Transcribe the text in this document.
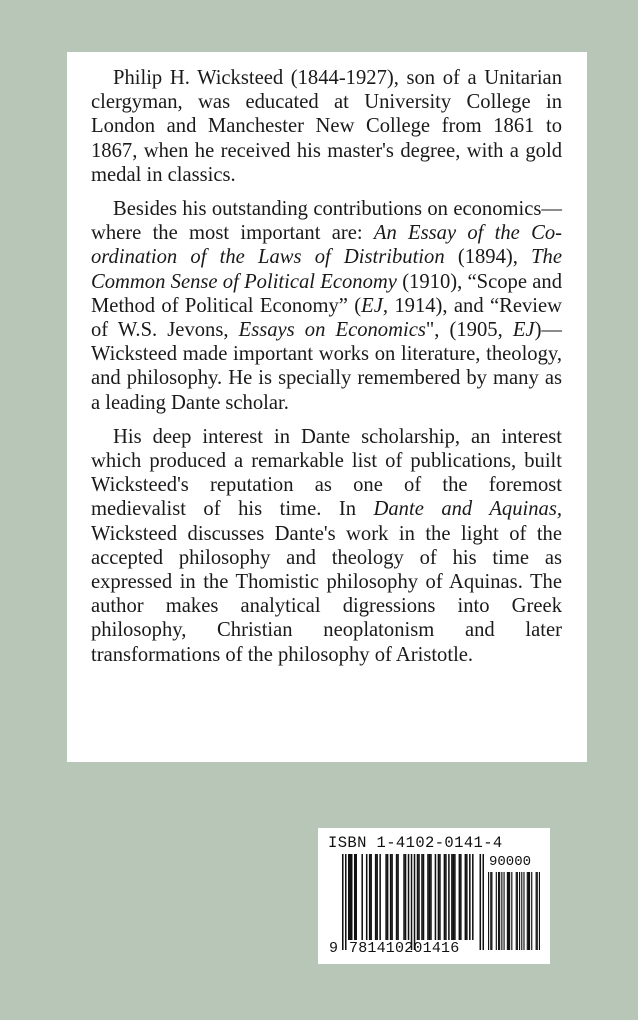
Philip H. Wicksteed (1844-1927), son of a Unitarian clergyman, was educated at University College in London and Manchester New College from 1861 to 1867, when he received his master's degree, with a gold medal in classics.

Besides his outstanding contributions on economics—where the most important are: An Essay of the Co-ordination of the Laws of Distribution (1894), The Common Sense of Political Economy (1910), “Scope and Method of Political Economy” (EJ, 1914), and “Review of W.S. Jevons, Essays on Economics", (1905, EJ)—Wicksteed made important works on literature, theology, and philosophy. He is specially remembered by many as a leading Dante scholar.

His deep interest in Dante scholarship, an interest which produced a remarkable list of publications, built Wicksteed's reputation as one of the foremost medievalist of his time. In Dante and Aquinas, Wicksteed discusses Dante's work in the light of the accepted philosophy and theology of his time as expressed in the Thomistic philosophy of Aquinas. The author makes analytical digressions into Greek philosophy, Christian neoplatonism and later transformations of the philosophy of Aristotle.

ISBN 1-4102-0141-4
90000
9 781410201416
